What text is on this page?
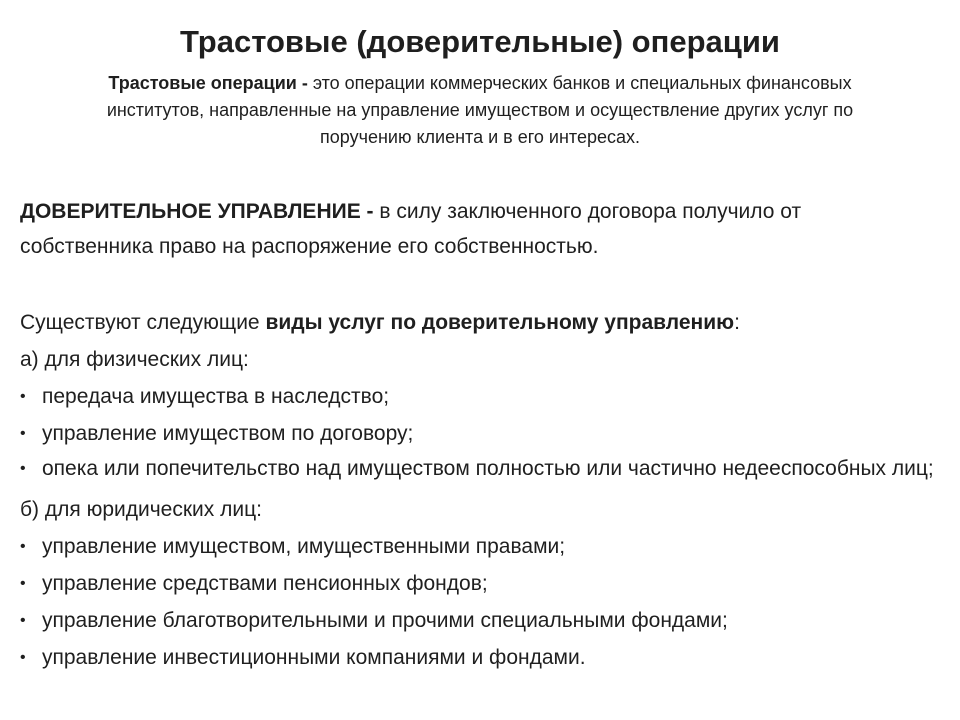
Трастовые (доверительные) операции
Трастовые операции - это операции коммерческих банков и специальных финансовых институтов, направленные на управление имуществом и осуществление других услуг по поручению клиента и в его интересах.

ДОВЕРИТЕЛЬНОЕ УПРАВЛЕНИЕ - в силу заключенного договора получило от собственника право на распоряжение его собственностью.

Существуют следующие виды услуг по доверительному управлению:

а) для физических лиц:

• передача имущества в наследство;
• управление имуществом по договору;
• опека или попечительство над имуществом полностью или частично недееспособных лиц;

б) для юридических лиц:

• управление имуществом, имущественными правами;
• управление средствами пенсионных фондов;
• управление благотворительными и прочими специальными фондами;
• управление инвестиционными компаниями и фондами.
